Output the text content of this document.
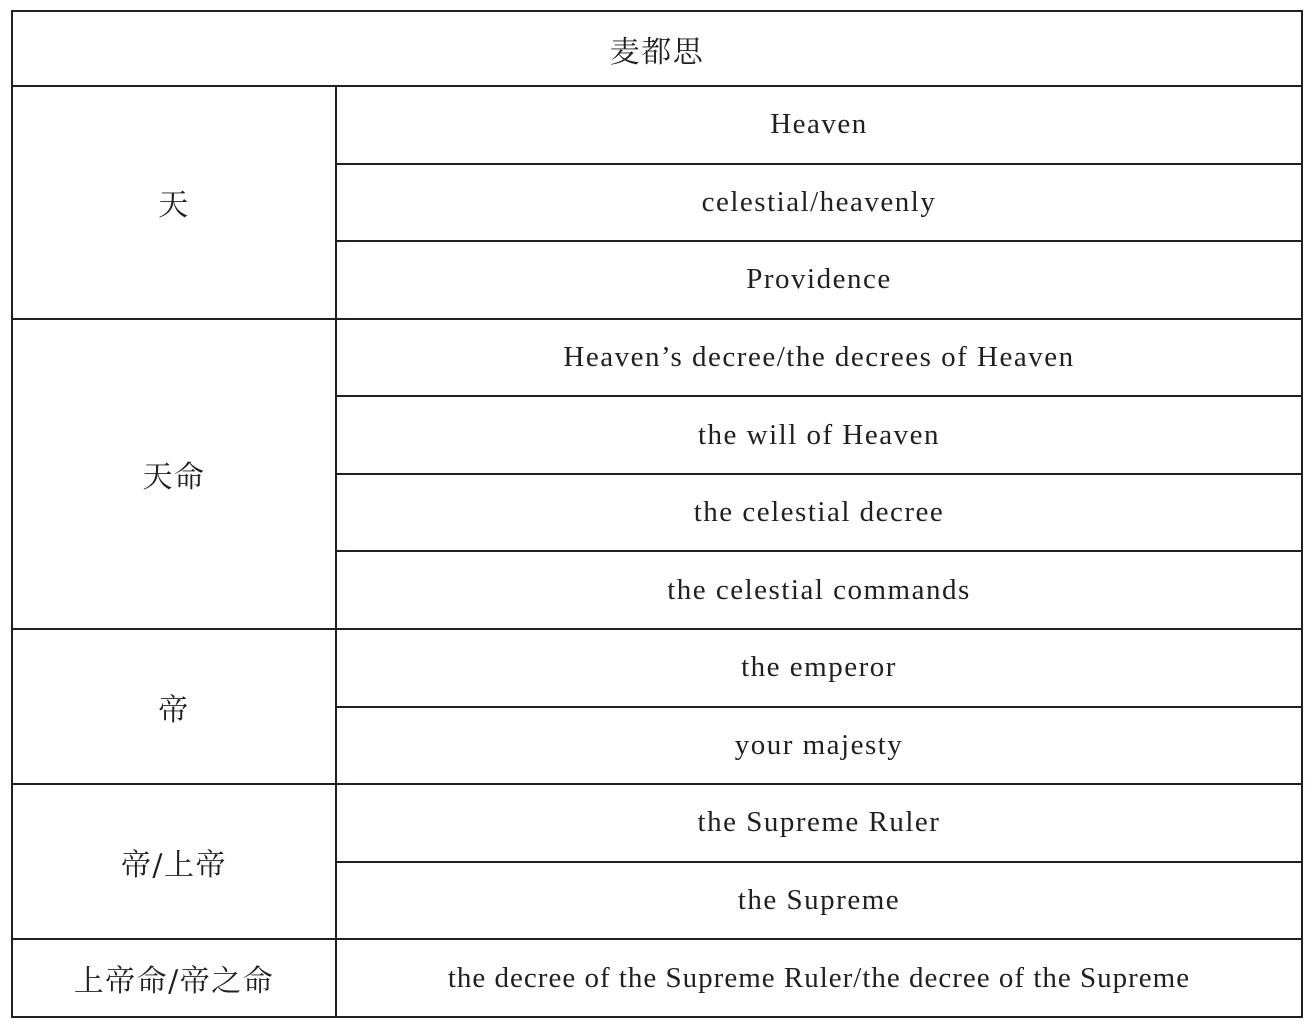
麦都思	
天	Heaven
	celestial/heavenly
	Providence
天命	Heaven’s decree/the decrees of Heaven
	the will of Heaven
	the celestial decree
	the celestial commands
帝	the emperor
	your majesty
帝/上帝	the Supreme Ruler
	the Supreme
上帝命/帝之命	the decree of the Supreme Ruler/the decree of the Supreme
